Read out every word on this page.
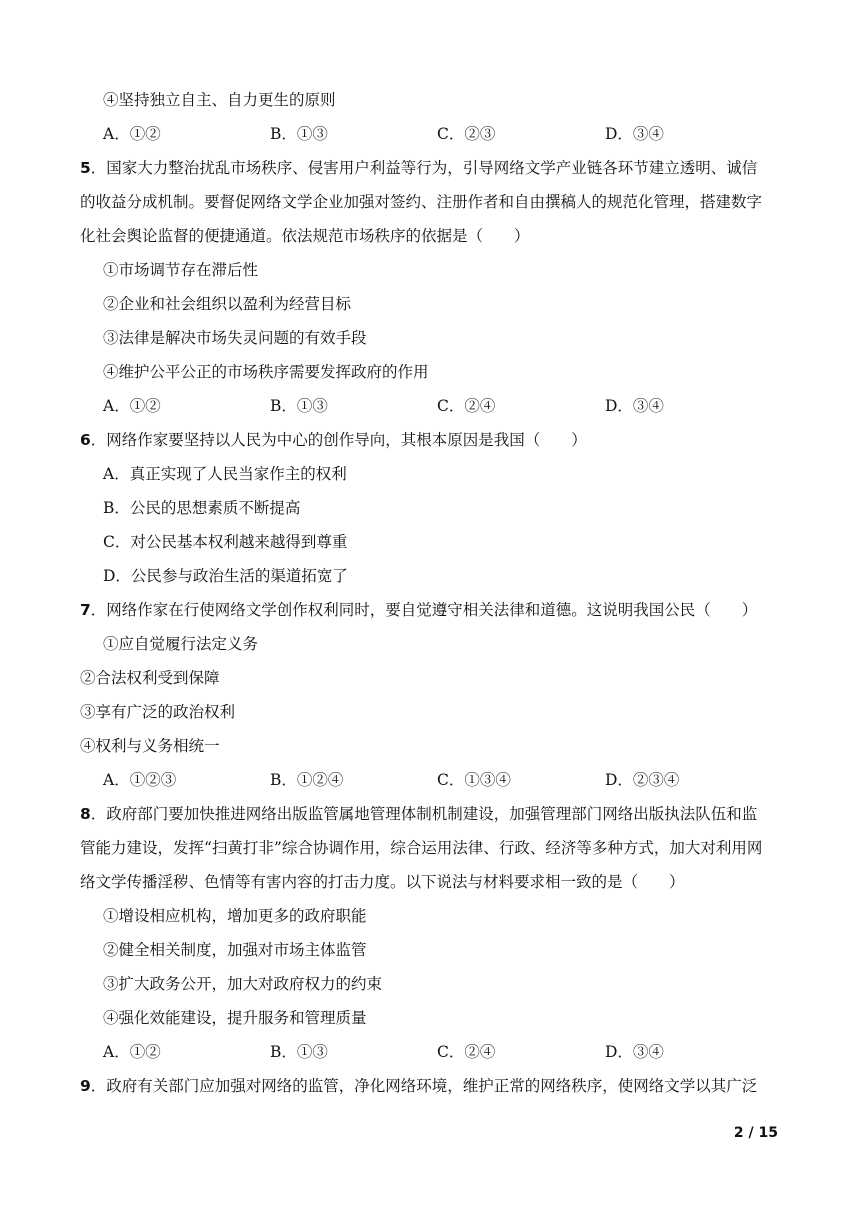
④坚持独立自主、自力更生的原则
A．①②	B．①③	C．②③	D．③④
5．国家大力整治扰乱市场秩序、侵害用户利益等行为，引导网络文学产业链各环节建立透明、诚信
的收益分成机制。要督促网络文学企业加强对签约、注册作者和自由撰稿人的规范化管理，搭建数字
化社会舆论监督的便捷通道。依法规范市场秩序的依据是（　　）
①市场调节存在滞后性
②企业和社会组织以盈利为经营目标
③法律是解决市场失灵问题的有效手段
④维护公平公正的市场秩序需要发挥政府的作用
A．①②	B．①③	C．②④	D．③④
6．网络作家要坚持以人民为中心的创作导向，其根本原因是我国（　　）
A．真正实现了人民当家作主的权利
B．公民的思想素质不断提高
C．对公民基本权利越来越得到尊重
D．公民参与政治生活的渠道拓宽了
7．网络作家在行使网络文学创作权利同时，要自觉遵守相关法律和道德。这说明我国公民（　　）
①应自觉履行法定义务
②合法权利受到保障
③享有广泛的政治权利
④权利与义务相统一
A．①②③	B．①②④	C．①③④	D．②③④
8．政府部门要加快推进网络出版监管属地管理体制机制建设，加强管理部门网络出版执法队伍和监
管能力建设，发挥“扫黄打非”综合协调作用，综合运用法律、行政、经济等多种方式，加大对利用网
络文学传播淫秽、色情等有害内容的打击力度。以下说法与材料要求相一致的是（　　）
①增设相应机构，增加更多的政府职能
②健全相关制度，加强对市场主体监管
③扩大政务公开，加大对政府权力的约束
④强化效能建设，提升服务和管理质量
A．①②	B．①③	C．②④	D．③④
9．政府有关部门应加强对网络的监管，净化网络环境，维护正常的网络秩序，使网络文学以其广泛
2 / 15
